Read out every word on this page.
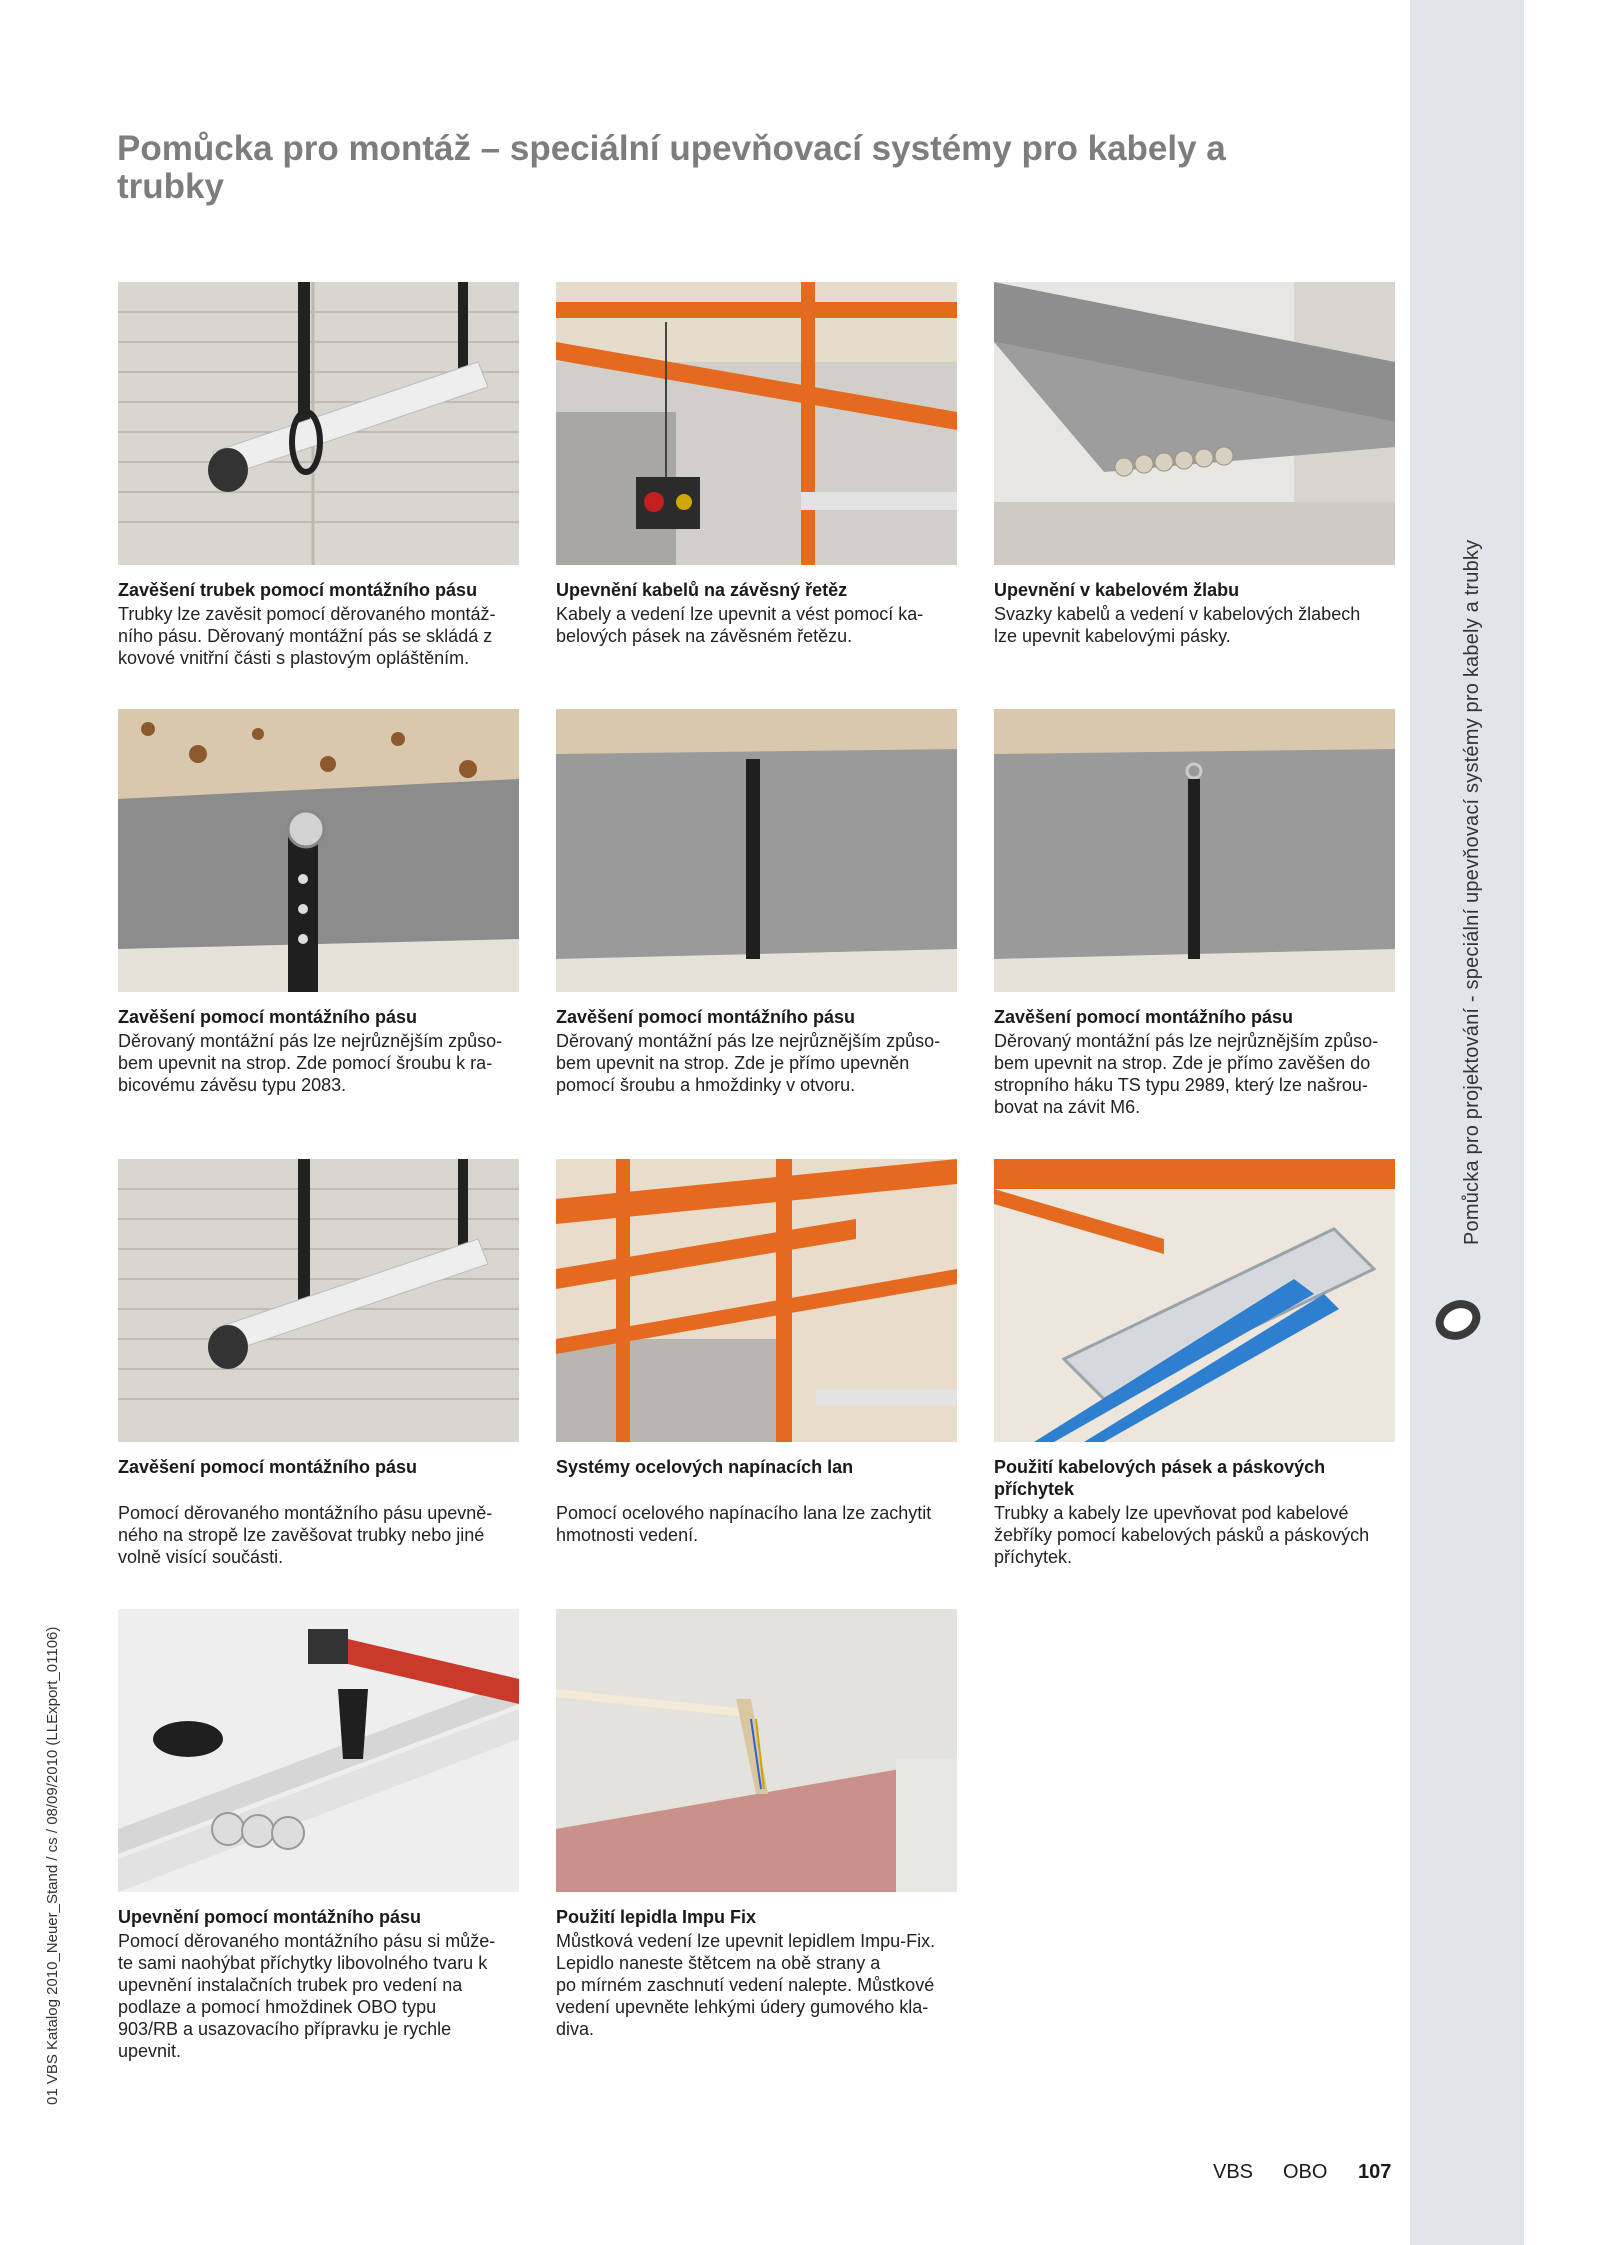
Pomůcka pro projektování - speciální upevňovací systémy pro kabely a trubky
01 VBS Katalog 2010_Neuer_Stand / cs / 08/09/2010 (LLExport_01106)
Pomůcka pro montáž – speciální upevňovací systémy pro kabely a trubky
Zavěšení trubek pomocí montážního pásu
Trubky lze zavěsit pomocí děrovaného montáž-
ního pásu. Děrovaný montážní pás se skládá z
kovové vnitřní části s plastovým opláštěním.
Upevnění kabelů na závěsný řetěz
Kabely a vedení lze upevnit a vést pomocí ka-
belových pásek na závěsném řetězu.
Upevnění v kabelovém žlabu
Svazky kabelů a vedení v kabelových žlabech
lze upevnit kabelovými pásky.
Zavěšení pomocí montážního pásu
Děrovaný montážní pás lze nejrůznějším způso-
bem upevnit na strop. Zde pomocí šroubu k ra-
bicovému závěsu typu 2083.
Zavěšení pomocí montážního pásu
Děrovaný montážní pás lze nejrůznějším způso-
bem upevnit na strop. Zde je přímo upevněn
pomocí šroubu a hmoždinky v otvoru.
Zavěšení pomocí montážního pásu
Děrovaný montážní pás lze nejrůznějším způso-
bem upevnit na strop. Zde je přímo zavěšen do
stropního háku TS typu 2989, který lze našrou-
bovat na závit M6.
Zavěšení pomocí montážního pásu
Pomocí děrovaného montážního pásu upevně-
ného na stropě lze zavěšovat trubky nebo jiné
volně visící součásti.
Systémy ocelových napínacích lan
Pomocí ocelového napínacího lana lze zachytit
hmotnosti vedení.
Použití kabelových pásek a páskových
příchytek
Trubky a kabely lze upevňovat pod kabelové
žebříky pomocí kabelových pásků a páskových
příchytek.
Upevnění pomocí montážního pásu
Pomocí děrovaného montážního pásu si může-
te sami naohýbat příchytky libovolného tvaru k
upevnění instalačních trubek pro vedení na
podlaze a pomocí hmoždinek OBO typu
903/RB a usazovacího přípravku je rychle
upevnit.
Použití lepidla Impu Fix
Můstková vedení lze upevnit lepidlem Impu-Fix.
Lepidlo naneste štětcem na obě strany a
po mírném zaschnutí vedení nalepte. Můstkové
vedení upevněte lehkými údery gumového kla-
diva.
VBS OBO 107
